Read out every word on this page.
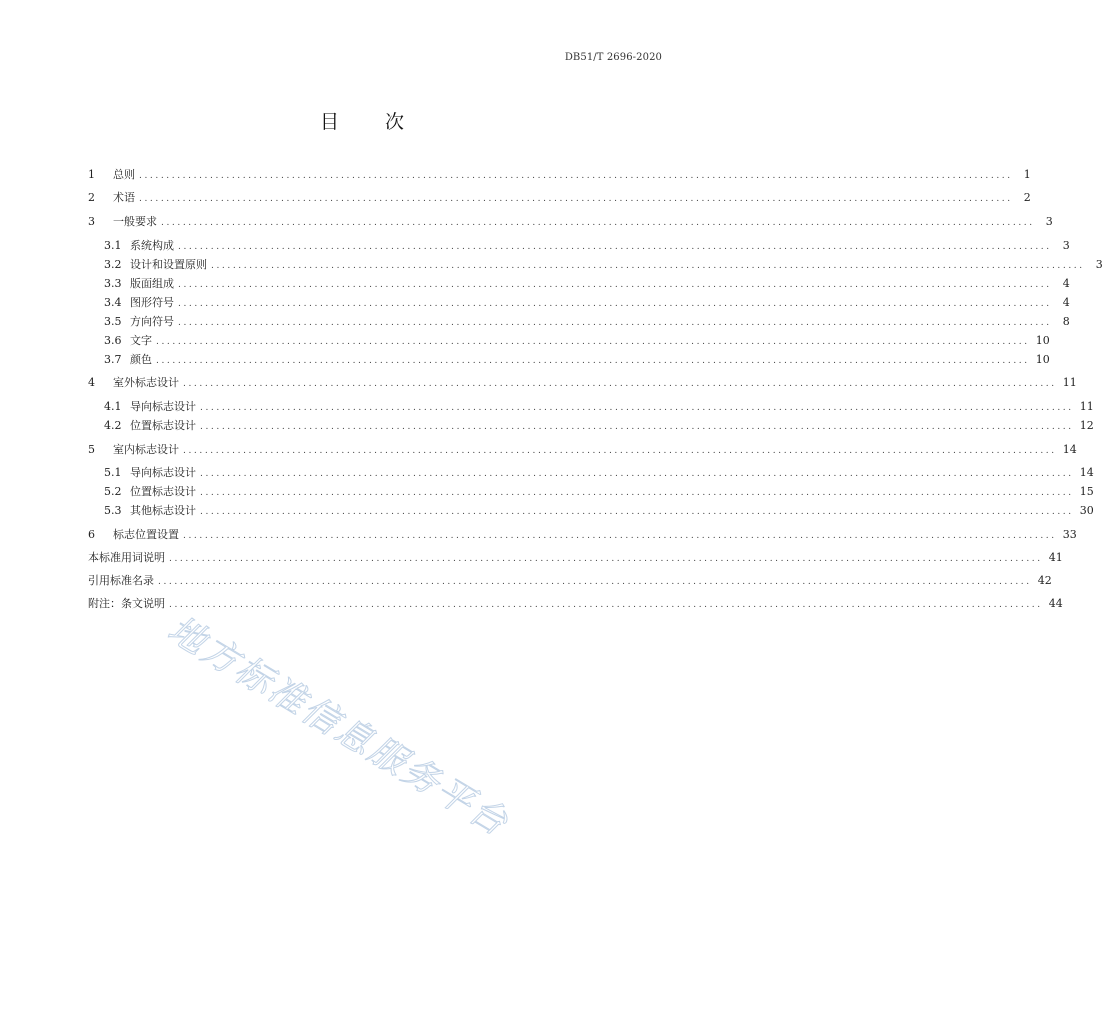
DB51/T 2696-2020
目 次
1	总则 ................................................................................................................................................................	1
2	术语 ................................................................................................................................................................	2
3	一般要求 ................................................................................................................................................................	3
3.1 系统构成 ................................................................................................................................................................	3
3.2 设计和设置原则 ................................................................................................................................................................	3
3.3 版面组成 ................................................................................................................................................................	4
3.4 图形符号 ................................................................................................................................................................	4
3.5 方向符号 ................................................................................................................................................................	8
3.6 文字 ................................................................................................................................................................ 10
3.7 颜色 ................................................................................................................................................................ 10
4	室外标志设计 ................................................................................................................................................................ 11
4.1 导向标志设计 ................................................................................................................................................................ 11
4.2 位置标志设计 ................................................................................................................................................................ 12
5	室内标志设计 ................................................................................................................................................................ 14
5.1 导向标志设计 ................................................................................................................................................................ 14
5.2 位置标志设计 ................................................................................................................................................................ 15
5.3 其他标志设计 ................................................................................................................................................................ 30
6	标志位置设置 ................................................................................................................................................................ 33
本标准用词说明 ................................................................................................................................................................ 41
引用标准名录 ................................................................................................................................................................ 42
附注：条文说明 ................................................................................................................................................................ 44
地方标准信息服务平台
